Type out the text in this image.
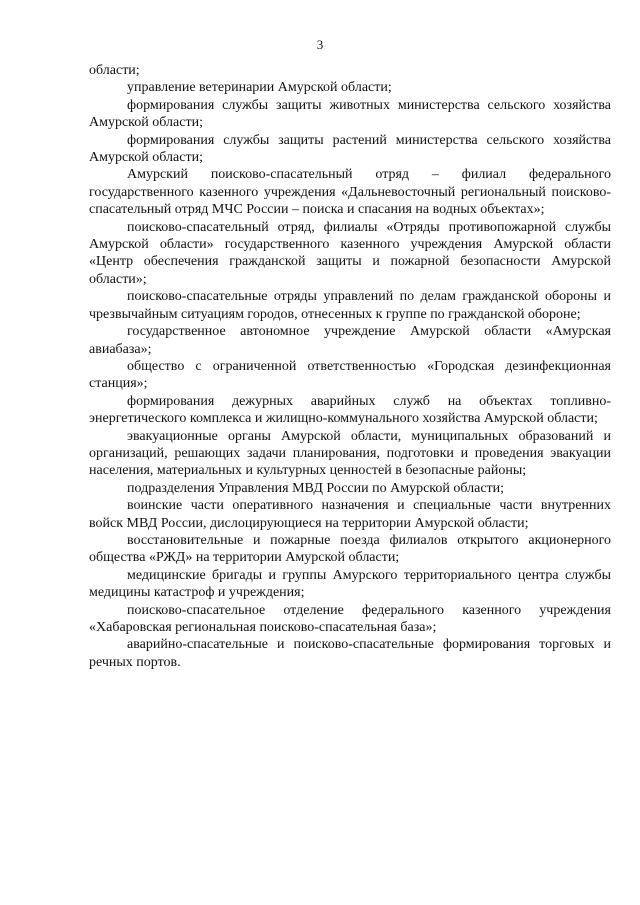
3

области;

управление ветеринарии Амурской области;

формирования службы защиты животных министерства сельского хозяйства Амурской области;

формирования службы защиты растений министерства сельского хозяйства Амурской области;

Амурский поисково-спасательный отряд – филиал федерального государственного казенного учреждения «Дальневосточный региональный поисково-спасательный отряд МЧС России – поиска и спасания на водных объектах»;

поисково-спасательный отряд, филиалы «Отряды противопожарной службы Амурской области» государственного казенного учреждения Амурской области «Центр обеспечения гражданской защиты и пожарной безопасности Амурской области»;

поисково-спасательные отряды управлений по делам гражданской обороны и чрезвычайным ситуациям городов, отнесенных к группе по гражданской обороне;

государственное автономное учреждение Амурской области «Амурская авиабаза»;

общество с ограниченной ответственностью «Городская дезинфекционная станция»;

формирования дежурных аварийных служб на объектах топливно-энергетического комплекса и жилищно-коммунального хозяйства Амурской области;

эвакуационные органы Амурской области, муниципальных образований и организаций, решающих задачи планирования, подготовки и проведения эвакуации населения, материальных и культурных ценностей в безопасные районы;

подразделения Управления МВД России по Амурской области;

воинские части оперативного назначения и специальные части внутренних войск МВД России, дислоцирующиеся на территории Амурской области;

восстановительные и пожарные поезда филиалов открытого акционерного общества «РЖД» на территории Амурской области;

медицинские бригады и группы Амурского территориального центра службы медицины катастроф и учреждения;

поисково-спасательное отделение федерального казенного учреждения «Хабаровская региональная поисково-спасательная база»;

аварийно-спасательные и поисково-спасательные формирования торговых и речных портов.
